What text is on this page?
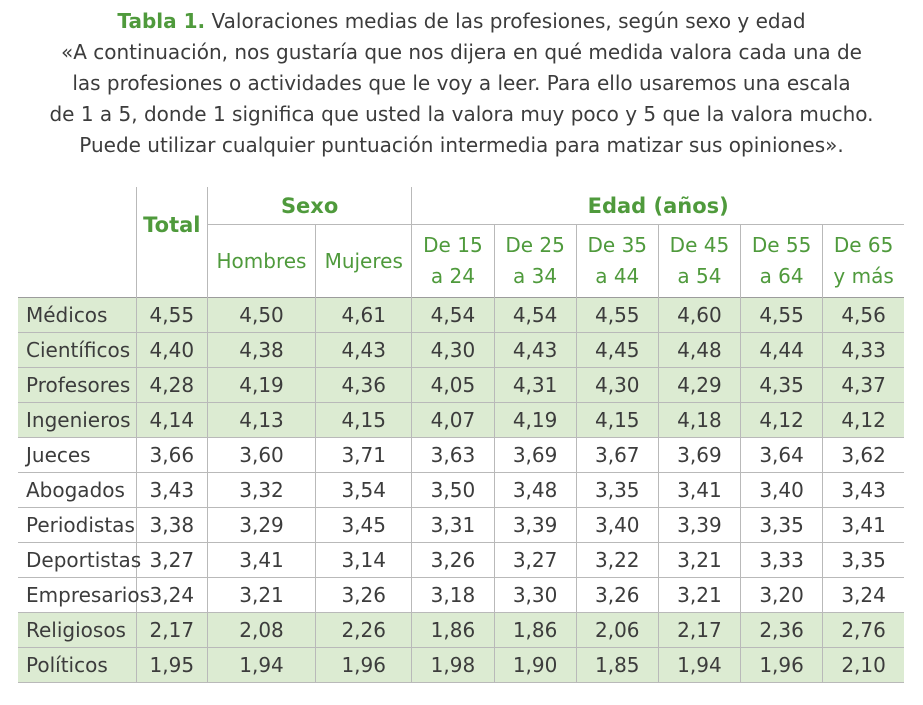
Tabla 1. Valoraciones medias de las profesiones, según sexo y edad
«A continuación, nos gustaría que nos dijera en qué medida valora cada una de
las profesiones o actividades que le voy a leer. Para ello usaremos una escala
de 1 a 5, donde 1 significa que usted la valora muy poco y 5 que la valora mucho.
Puede utilizar cualquier puntuación intermedia para matizar sus opiniones».
	Total	Sexo		Edad (años)					
		Hombres	Mujeres	De 15
a 24	De 25
a 34	De 35
a 44	De 45
a 54	De 55
a 64	De 65
y más
Médicos	4,55	4,50	4,61	4,54	4,54	4,55	4,60	4,55	4,56
Científicos	4,40	4,38	4,43	4,30	4,43	4,45	4,48	4,44	4,33
Profesores	4,28	4,19	4,36	4,05	4,31	4,30	4,29	4,35	4,37
Ingenieros	4,14	4,13	4,15	4,07	4,19	4,15	4,18	4,12	4,12
Jueces	3,66	3,60	3,71	3,63	3,69	3,67	3,69	3,64	3,62
Abogados	3,43	3,32	3,54	3,50	3,48	3,35	3,41	3,40	3,43
Periodistas	3,38	3,29	3,45	3,31	3,39	3,40	3,39	3,35	3,41
Deportistas	3,27	3,41	3,14	3,26	3,27	3,22	3,21	3,33	3,35
Empresarios	3,24	3,21	3,26	3,18	3,30	3,26	3,21	3,20	3,24
Religiosos	2,17	2,08	2,26	1,86	1,86	2,06	2,17	2,36	2,76
Políticos	1,95	1,94	1,96	1,98	1,90	1,85	1,94	1,96	2,10
